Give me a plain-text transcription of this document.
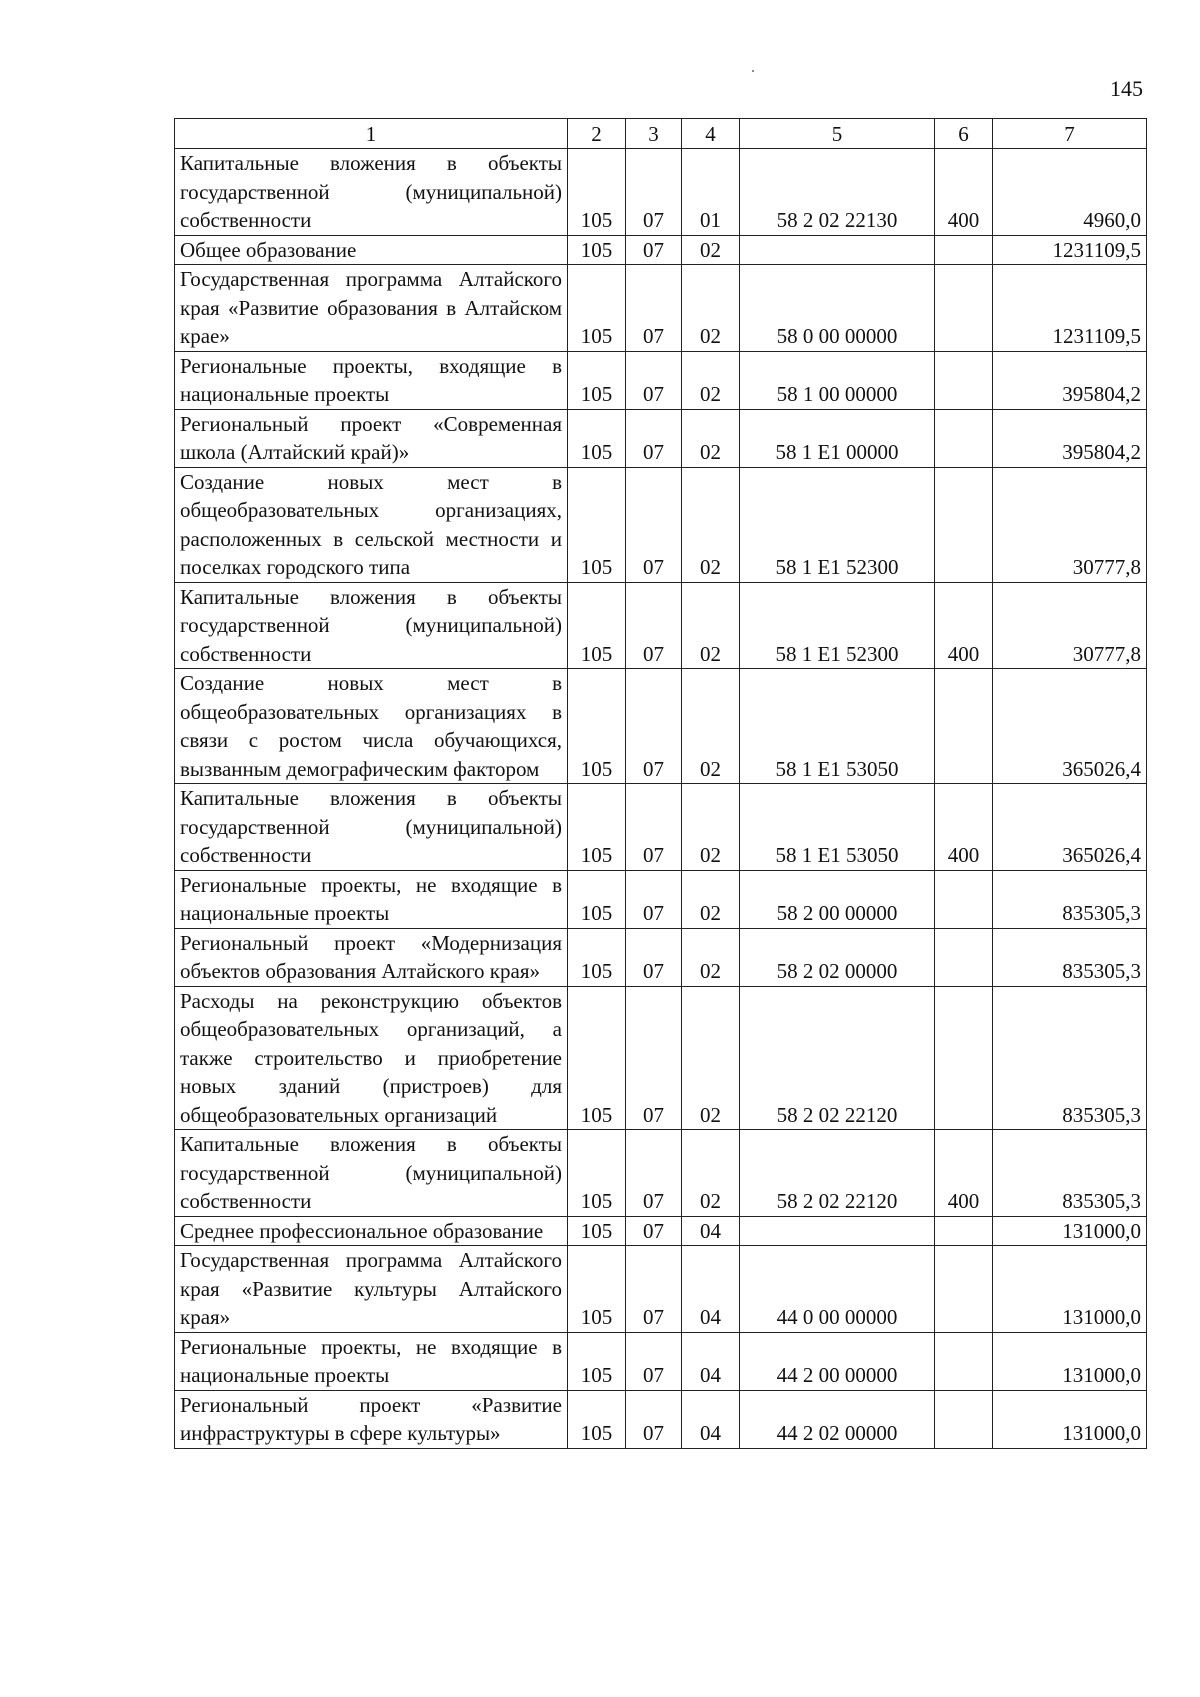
145
1	2	3	4	5	6	7
Капитальные вложения в объекты государственной (муниципальной) собственности	105	07	01	58 2 02 22130	400	4960,0
Общее образование	105	07	02			1231109,5
Государственная программа Алтайского края «Развитие образования в Алтайском крае»	105	07	02	58 0 00 00000		1231109,5
Региональные проекты, входящие в национальные проекты	105	07	02	58 1 00 00000		395804,2
Региональный проект «Современная школа (Алтайский край)»	105	07	02	58 1 E1 00000		395804,2
Создание новых мест в общеобразовательных организациях, расположенных в сельской местности и поселках городского типа	105	07	02	58 1 E1 52300		30777,8
Капитальные вложения в объекты государственной (муниципальной) собственности	105	07	02	58 1 E1 52300	400	30777,8
Создание новых мест в общеобразовательных организациях в связи с ростом числа обучающихся, вызванным демографическим фактором	105	07	02	58 1 E1 53050		365026,4
Капитальные вложения в объекты государственной (муниципальной) собственности	105	07	02	58 1 E1 53050	400	365026,4
Региональные проекты, не входящие в национальные проекты	105	07	02	58 2 00 00000		835305,3
Региональный проект «Модернизация объектов образования Алтайского края»	105	07	02	58 2 02 00000		835305,3
Расходы на реконструкцию объектов общеобразовательных организаций, а также строительство и приобретение новых зданий (пристроев) для общеобразовательных организаций	105	07	02	58 2 02 22120		835305,3
Капитальные вложения в объекты государственной (муниципальной) собственности	105	07	02	58 2 02 22120	400	835305,3
Среднее профессиональное образование	105	07	04			131000,0
Государственная программа Алтайского края «Развитие культуры Алтайского края»	105	07	04	44 0 00 00000		131000,0
Региональные проекты, не входящие в национальные проекты	105	07	04	44 2 00 00000		131000,0
Региональный проект «Развитие инфраструктуры в сфере культуры»	105	07	04	44 2 02 00000		131000,0
